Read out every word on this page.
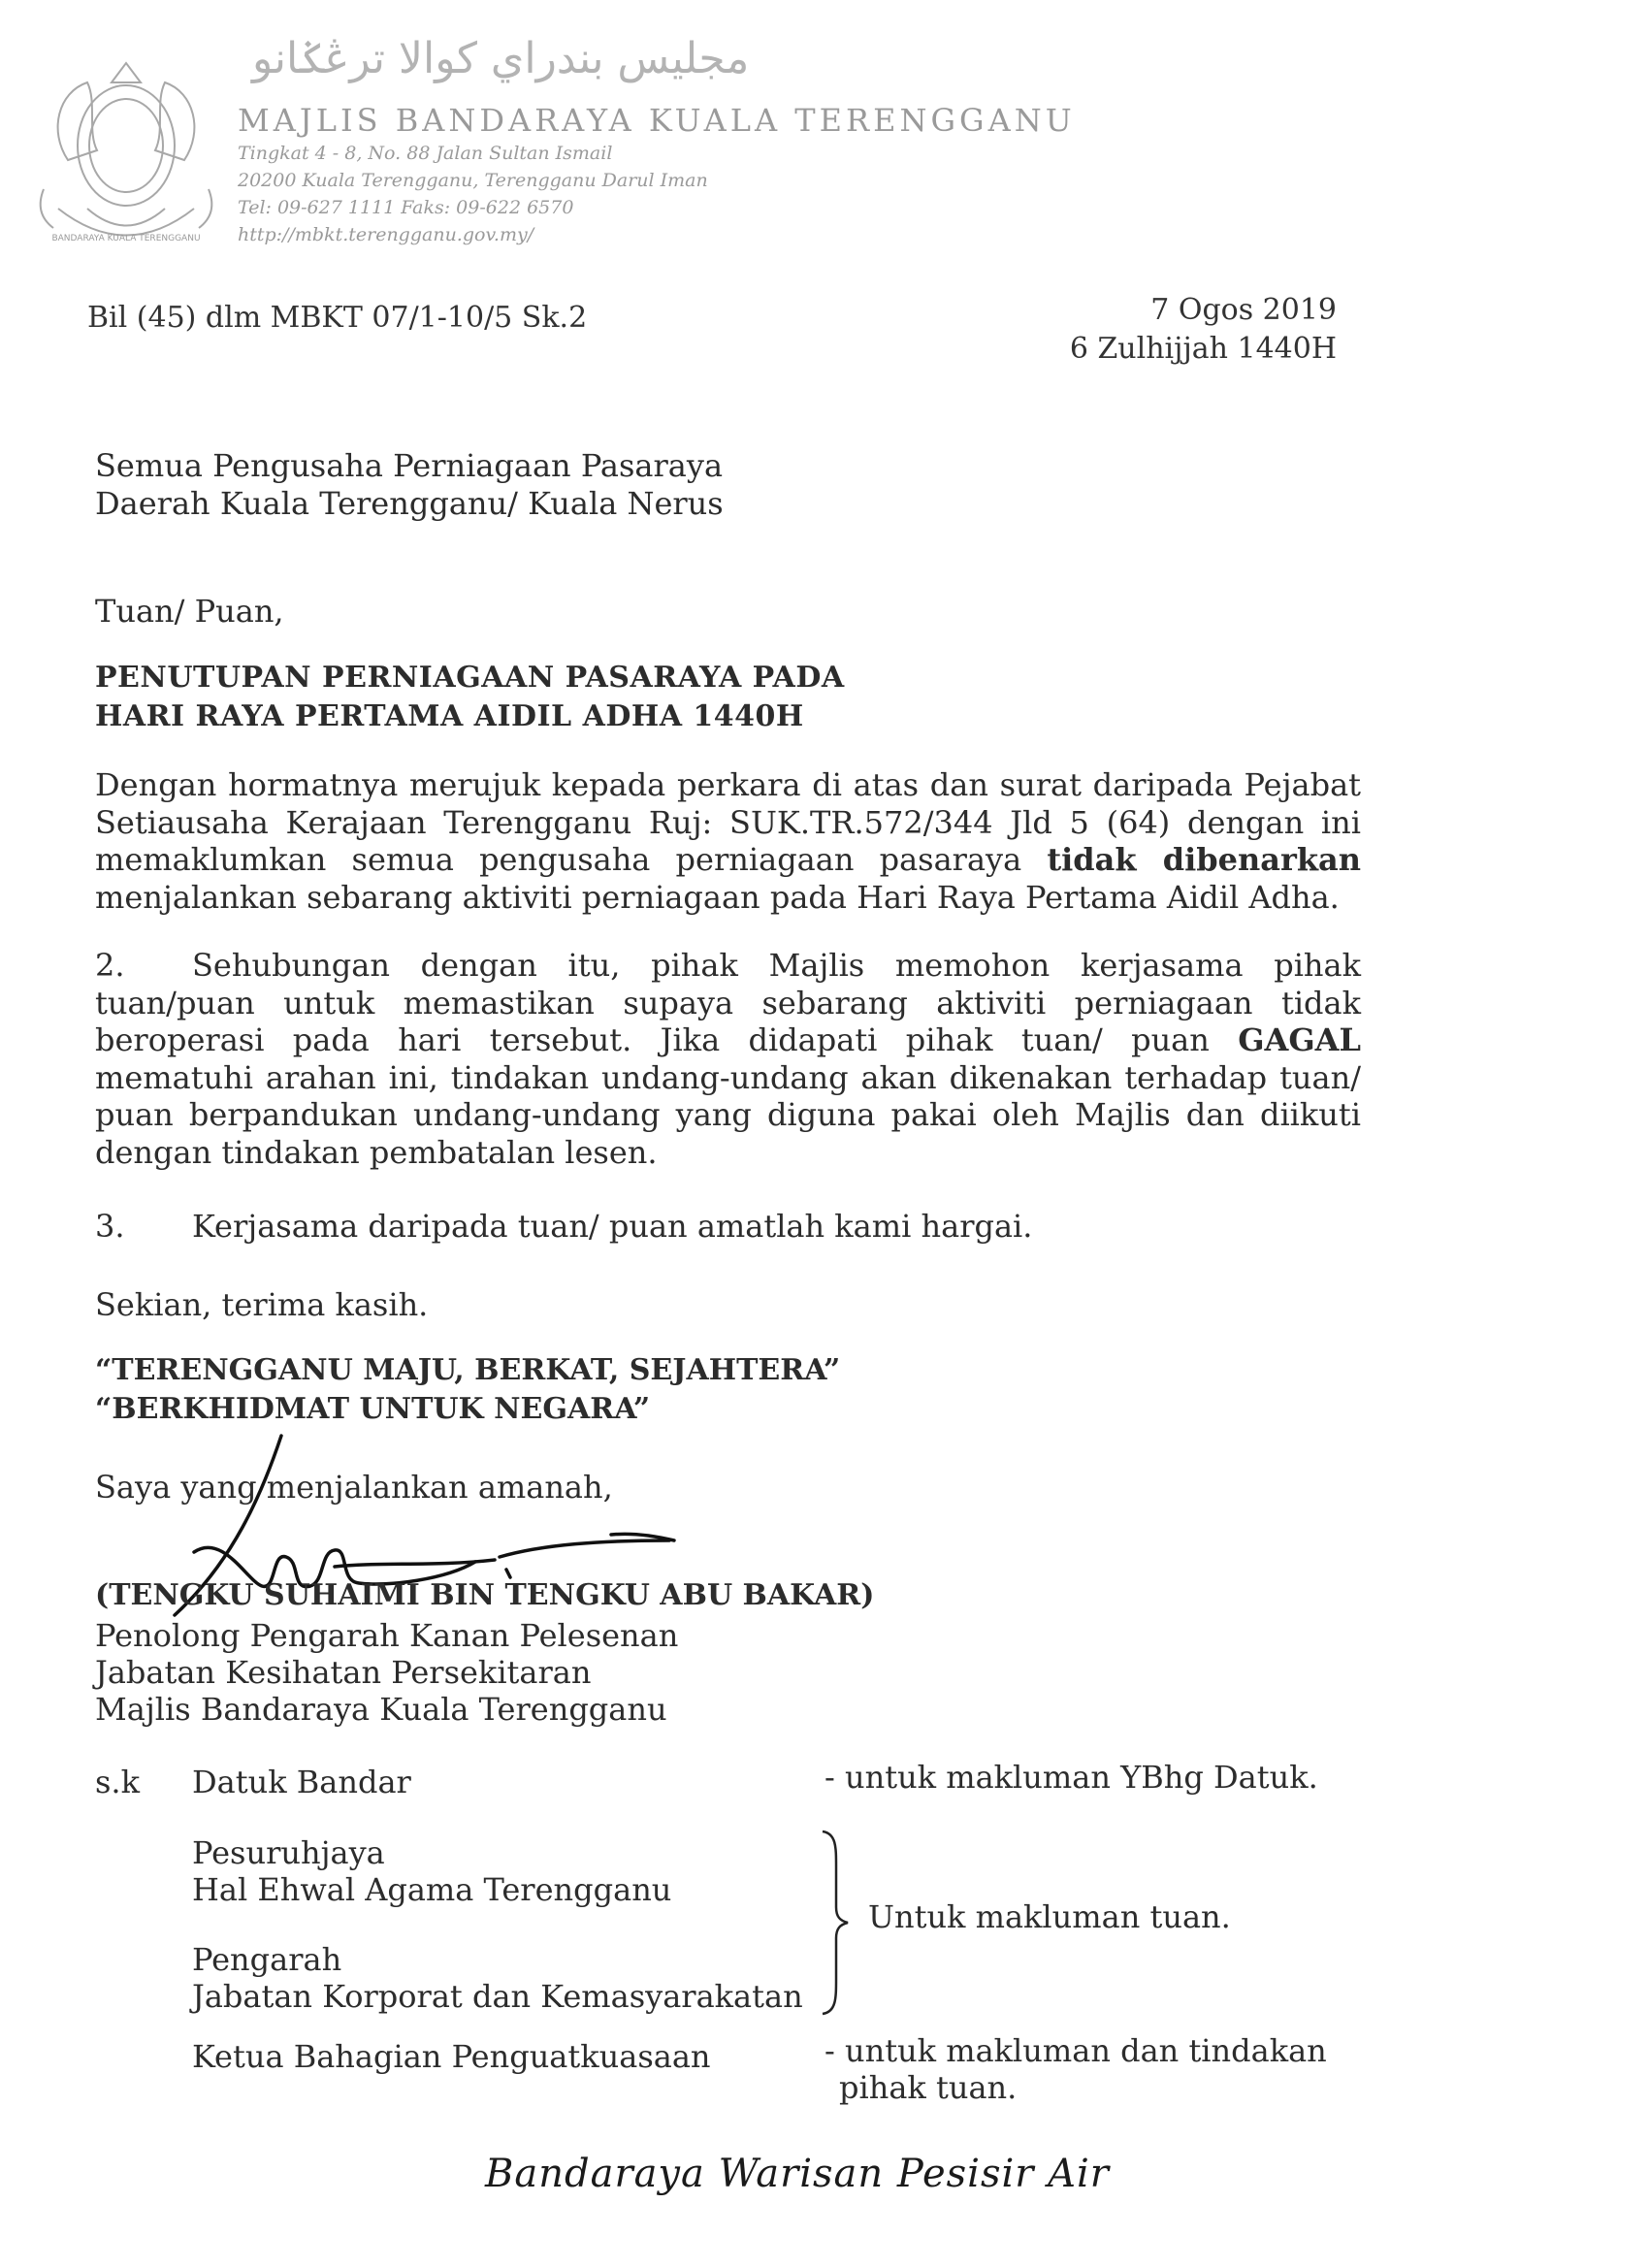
BANDARAYA KUALA TERENGGANU
مجليس بندراي كوالا ترڠݢانو
MAJLIS BANDARAYA KUALA TERENGGANU
Tingkat 4 - 8, No. 88 Jalan Sultan Ismail
20200 Kuala Terengganu, Terengganu Darul Iman
Tel: 09-627 1111 Faks: 09-622 6570
http://mbkt.terengganu.gov.my/
Bil (45) dlm MBKT 07/1-10/5 Sk.2	7 Ogos 2019
6 Zulhijjah 1440H
Semua Pengusaha Perniagaan Pasaraya
Daerah Kuala Terengganu/ Kuala Nerus
Tuan/ Puan,
PENUTUPAN PERNIAGAAN PASARAYA PADA
HARI RAYA PERTAMA AIDIL ADHA 1440H
Dengan hormatnya merujuk kepada perkara di atas dan surat daripada Pejabat Setiausaha Kerajaan Terengganu Ruj: SUK.TR.572/344 Jld 5 (64) dengan ini memaklumkan semua pengusaha perniagaan pasaraya tidak dibenarkan menjalankan sebarang aktiviti perniagaan pada Hari Raya Pertama Aidil Adha.
2. Sehubungan dengan itu, pihak Majlis memohon kerjasama pihak tuan/puan untuk memastikan supaya sebarang aktiviti perniagaan tidak beroperasi pada hari tersebut. Jika didapati pihak tuan/ puan GAGAL mematuhi arahan ini, tindakan undang-undang akan dikenakan terhadap tuan/ puan berpandukan undang-undang yang diguna pakai oleh Majlis dan diikuti dengan tindakan pembatalan lesen.
3. Kerjasama daripada tuan/ puan amatlah kami hargai.
Sekian, terima kasih.
“TERENGGANU MAJU, BERKAT, SEJAHTERA”
“BERKHIDMAT UNTUK NEGARA”
Saya yang menjalankan amanah,
(TENGKU SUHAIMI BIN TENGKU ABU BAKAR)
Penolong Pengarah Kanan Pelesenan
Jabatan Kesihatan Persekitaran
Majlis Bandaraya Kuala Terengganu
s.k Datuk Bandar	- untuk makluman YBhg Datuk.
Pesuruhjaya
Hal Ehwal Agama Terengganu
Pengarah
Jabatan Korporat dan Kemasyarakatan
Untuk makluman tuan.
Ketua Bahagian Penguatkuasaan	- untuk makluman dan tindakan
pihak tuan.
Bandaraya Warisan Pesisir Air
